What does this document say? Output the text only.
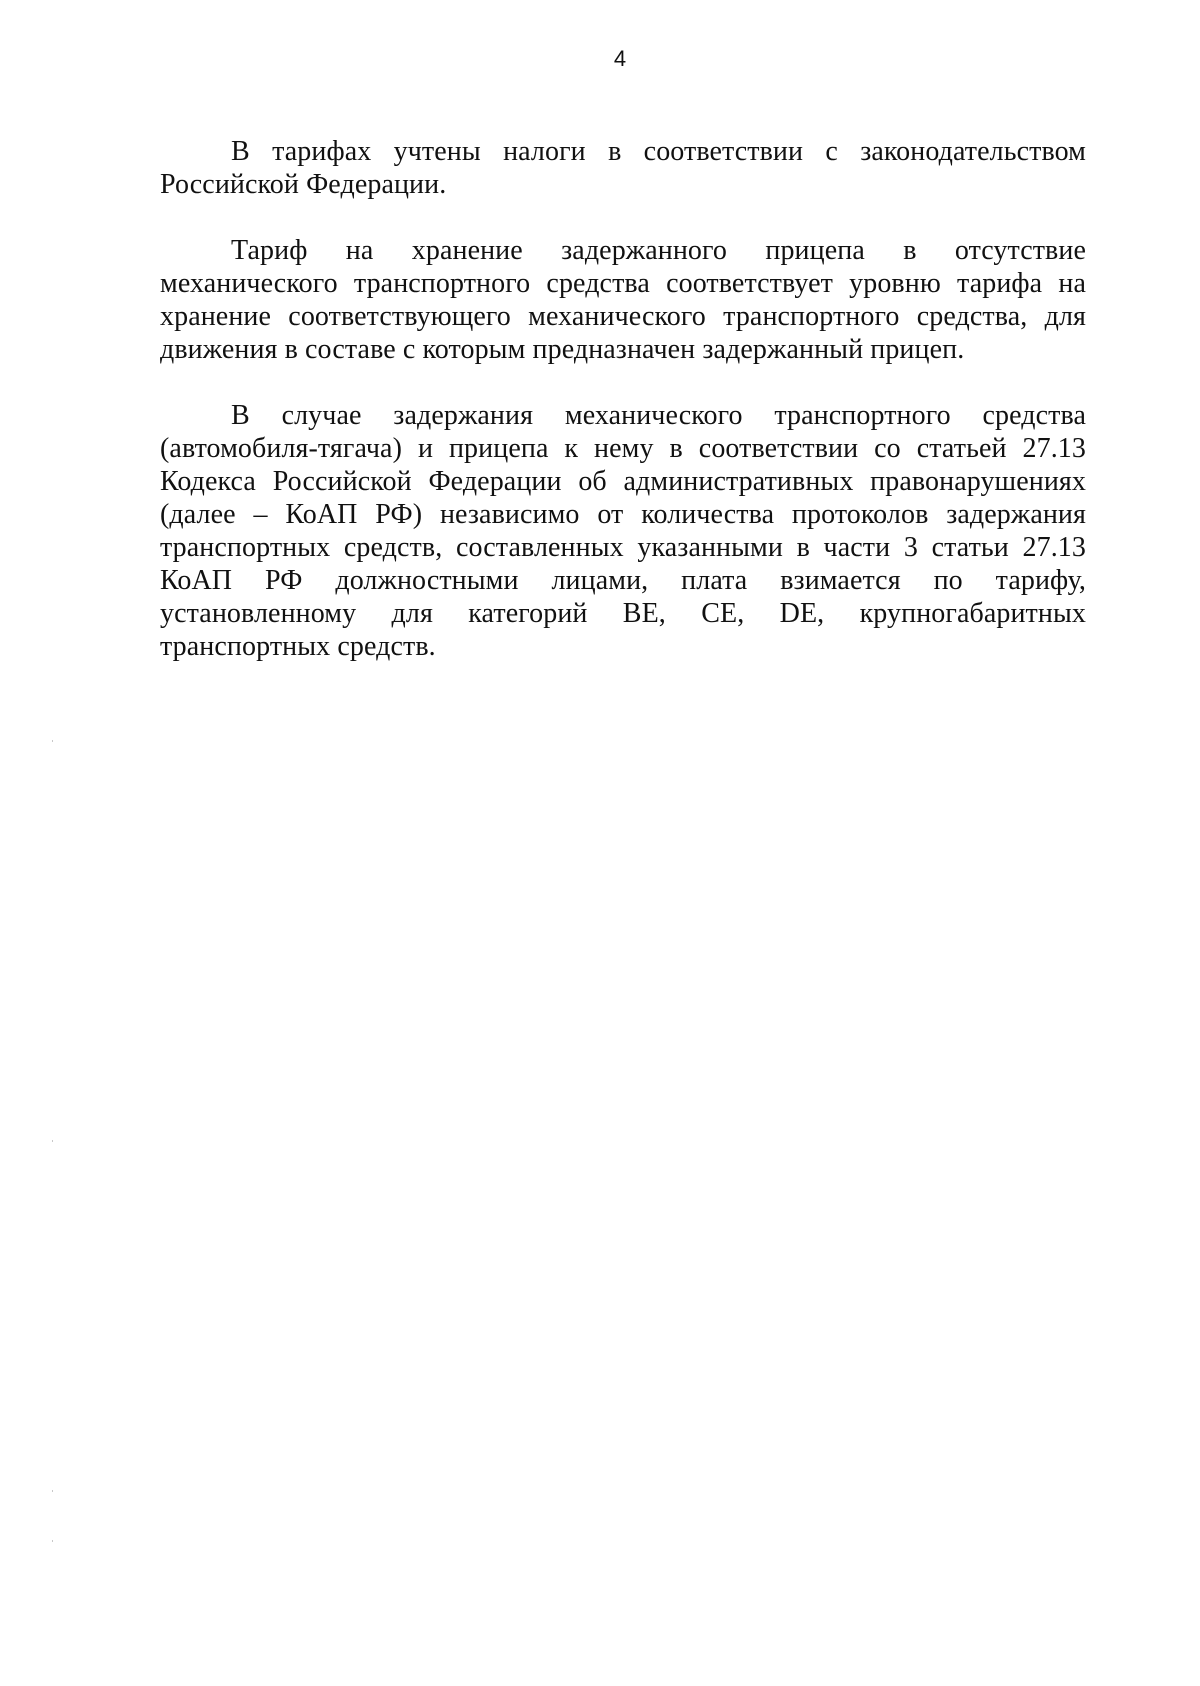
4

В тарифах учтены налоги в соответствии с законодательством
Российской Федерации.

Тариф на хранение задержанного прицепа в отсутствие
механического транспортного средства соответствует уровню тарифа на
хранение соответствующего механического транспортного средства, для
движения в составе с которым предназначен задержанный прицеп.

В случае задержания механического транспортного средства
(автомобиля-тягача) и прицепа к нему в соответствии со статьей 27.13
Кодекса Российской Федерации об административных правонарушениях
(далее – КоАП РФ) независимо от количества протоколов задержания
транспортных средств, составленных указанными в части 3 статьи 27.13
КоАП РФ должностными лицами, плата взимается по тарифу,
установленному для категорий ВЕ, СЕ, DE, крупногабаритных
транспортных средств.
